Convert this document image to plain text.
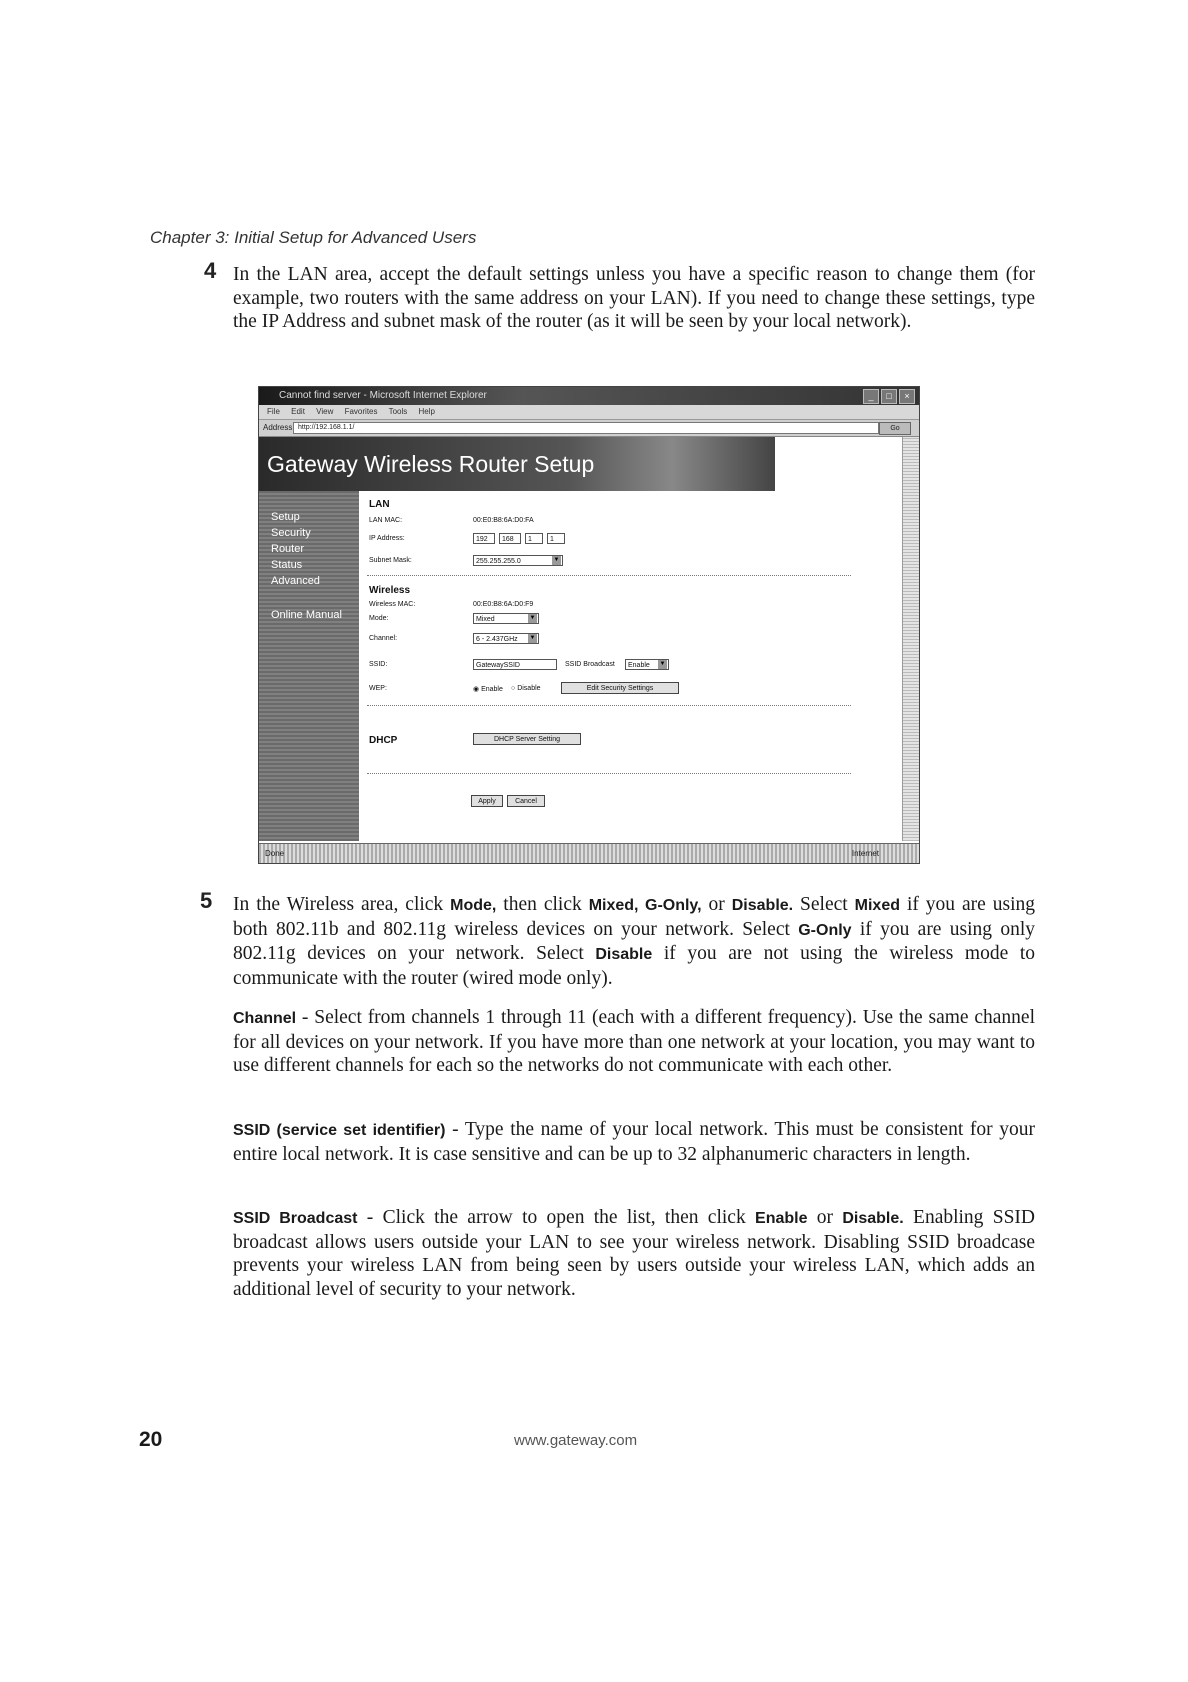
Chapter 3: Initial Setup for Advanced Users
4 In the LAN area, accept the default settings unless you have a specific reason to change them (for example, two routers with the same address on your LAN). If you need to change these settings, type the IP Address and subnet mask of the router (as it will be seen by your local network).
Cannot find server - Microsoft Internet Explorer	_	□	×
File Edit View Favorites Tools Help
Address http://192.168.1.1/	Go
Gateway Wireless Router Setup
Setup
Security
Router
Status
Advanced
Online Manual
LAN
LAN MAC:	00:E0:B8:6A:D0:FA
IP Address:	192	168	1	1
Subnet Mask:	255.255.255.0 ▼
Wireless
Wireless MAC:	00:E0:B8:6A:D0:F9
Mode:	Mixed ▼
Channel:	6 - 2.437GHz ▼
SSID:	GatewaySSID	SSID Broadcast	Enable ▼
WEP:	◉ Enable ○ Disable	Edit Security Settings
DHCP	DHCP Server Setting
Apply	Cancel
Done	Internet
5 In the Wireless area, click Mode, then click Mixed, G-Only, or Disable. Select Mixed if you are using both 802.11b and 802.11g wireless devices on your network. Select G-Only if you are using only 802.11g devices on your network. Select Disable if you are not using the wireless mode to communicate with the router (wired mode only).
Channel - Select from channels 1 through 11 (each with a different frequency). Use the same channel for all devices on your network. If you have more than one network at your location, you may want to use different channels for each so the networks do not communicate with each other.
SSID (service set identifier) - Type the name of your local network. This must be consistent for your entire local network. It is case sensitive and can be up to 32 alphanumeric characters in length.
SSID Broadcast - Click the arrow to open the list, then click Enable or Disable. Enabling SSID broadcast allows users outside your LAN to see your wireless network. Disabling SSID broadcase prevents your wireless LAN from being seen by users outside your wireless LAN, which adds an additional level of security to your network.
20	www.gateway.com
